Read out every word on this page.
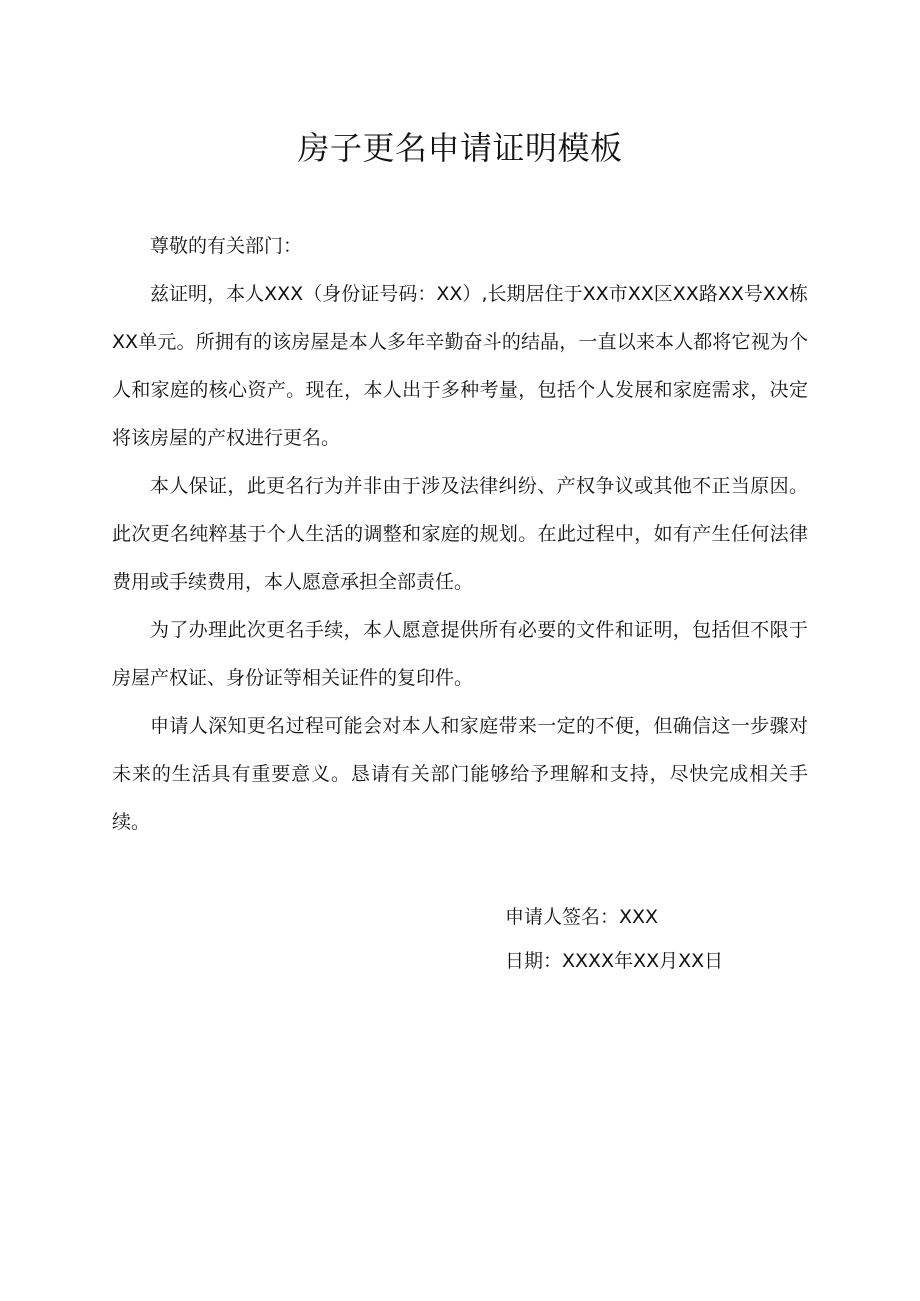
房子更名申请证明模板

尊敬的有关部门：

兹证明，本人XXX（身份证号码：XX）,长期居住于XX市XX区XX路XX号XX栋XX单元。所拥有的该房屋是本人多年辛勤奋斗的结晶，一直以来本人都将它视为个人和家庭的核心资产。现在，本人出于多种考量，包括个人发展和家庭需求，决定将该房屋的产权进行更名。

本人保证，此更名行为并非由于涉及法律纠纷、产权争议或其他不正当原因。此次更名纯粹基于个人生活的调整和家庭的规划。在此过程中，如有产生任何法律费用或手续费用，本人愿意承担全部责任。

为了办理此次更名手续，本人愿意提供所有必要的文件和证明，包括但不限于房屋产权证、身份证等相关证件的复印件。

申请人深知更名过程可能会对本人和家庭带来一定的不便，但确信这一步骤对未来的生活具有重要意义。恳请有关部门能够给予理解和支持，尽快完成相关手续。

申请人签名：XXX
日期：XXXX年XX月XX日
